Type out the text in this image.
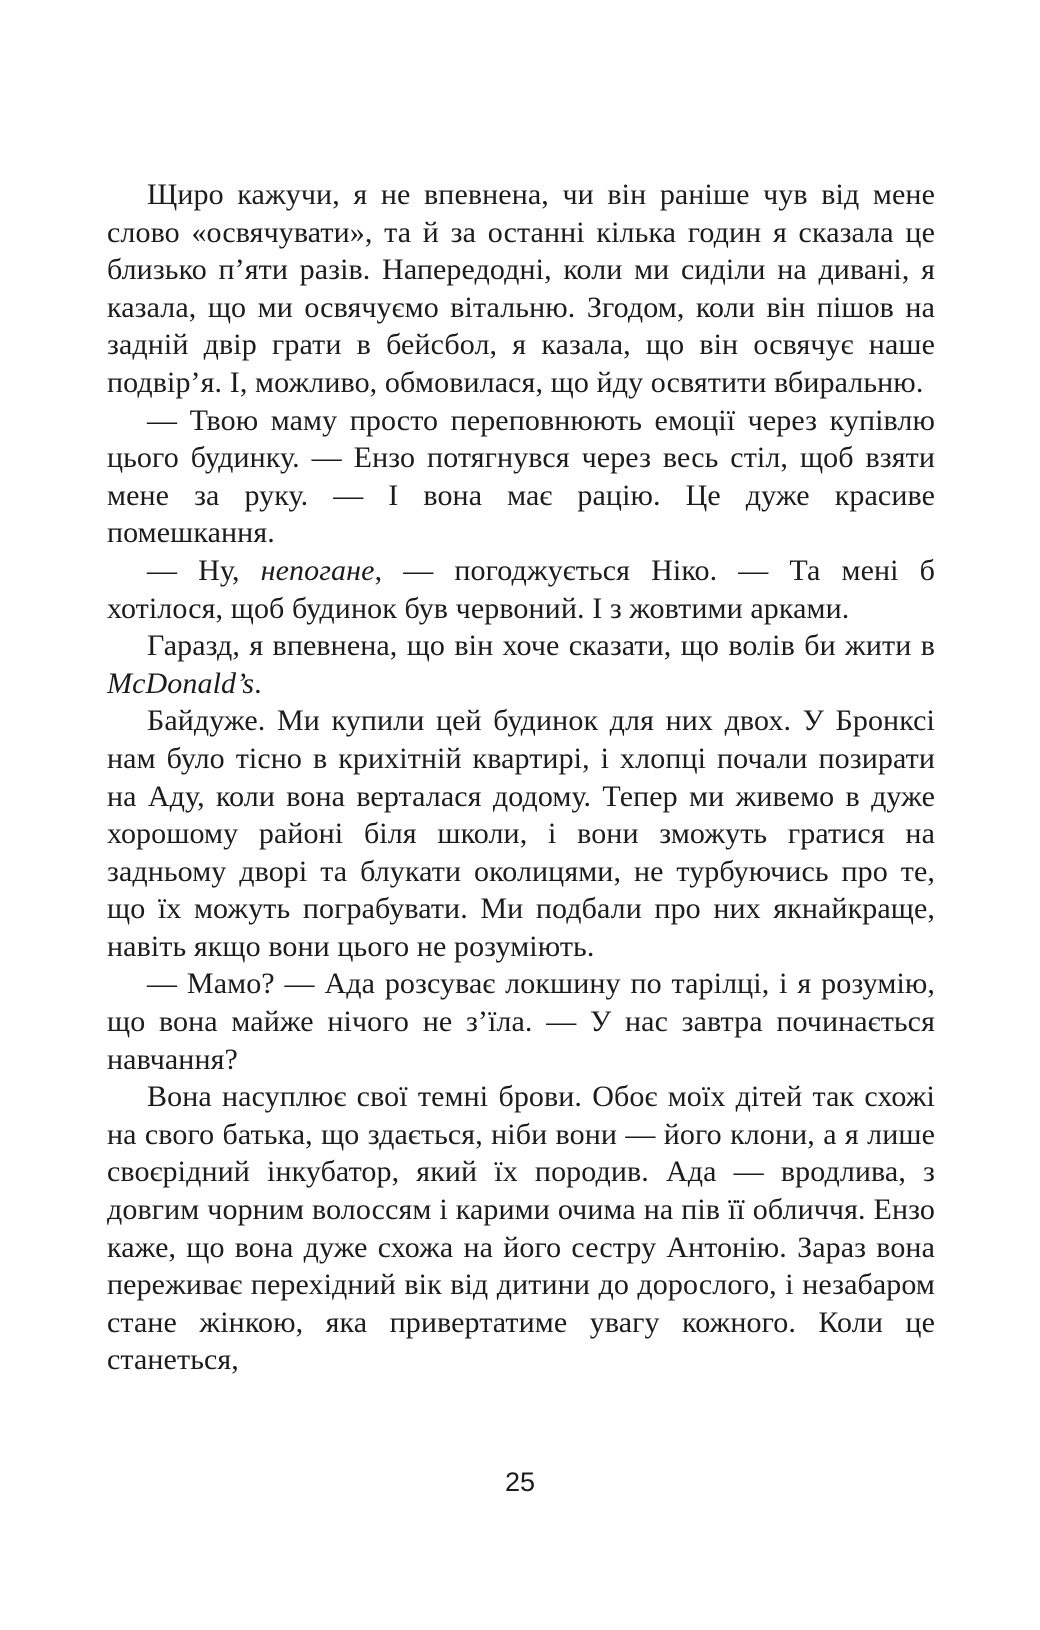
Щиро кажучи, я не впевнена, чи він раніше чув від мене слово «освячувати», та й за останні кілька годин я сказала це близько п’яти разів. Напередодні, коли ми сиділи на дивані, я казала, що ми освячуємо вітальню. Згодом, коли він пішов на задній двір грати в бейсбол, я казала, що він освячує наше подвір’я. І, можливо, обмовилася, що йду освятити вбиральню.

— Твою маму просто переповнюють емоції через купівлю цього будинку. — Ензо потягнувся через весь стіл, щоб взяти мене за руку. — І вона має рацію. Це дуже красиве помешкання.

— Ну, непогане, — погоджується Ніко. — Та мені б хотілося, щоб будинок був червоний. І з жовтими арками.

Гаразд, я впевнена, що він хоче сказати, що волів би жити в McDonald’s.

Байдуже. Ми купили цей будинок для них двох. У Бронксі нам було тісно в крихітній квартирі, і хлопці почали позирати на Аду, коли вона верталася додому. Тепер ми живемо в дуже хорошому районі біля школи, і вони зможуть гратися на задньому дворі та блукати околицями, не турбуючись про те, що їх можуть пограбувати. Ми подбали про них якнайкраще, навіть якщо вони цього не розуміють.

— Мамо? — Ада розсуває локшину по тарілці, і я розумію, що вона майже нічого не з’їла. — У нас завтра починається навчання?

Вона насуплює свої темні брови. Обоє моїх дітей так схожі на свого батька, що здається, ніби вони — його клони, а я лише своєрідний інкубатор, який їх породив. Ада — вродлива, з довгим чорним волоссям і карими очима на пів її обличчя. Ензо каже, що вона дуже схожа на його сестру Антонію. Зараз вона переживає перехідний вік від дитини до дорослого, і незабаром стане жінкою, яка привертатиме увагу кожного. Коли це станеться,

25
